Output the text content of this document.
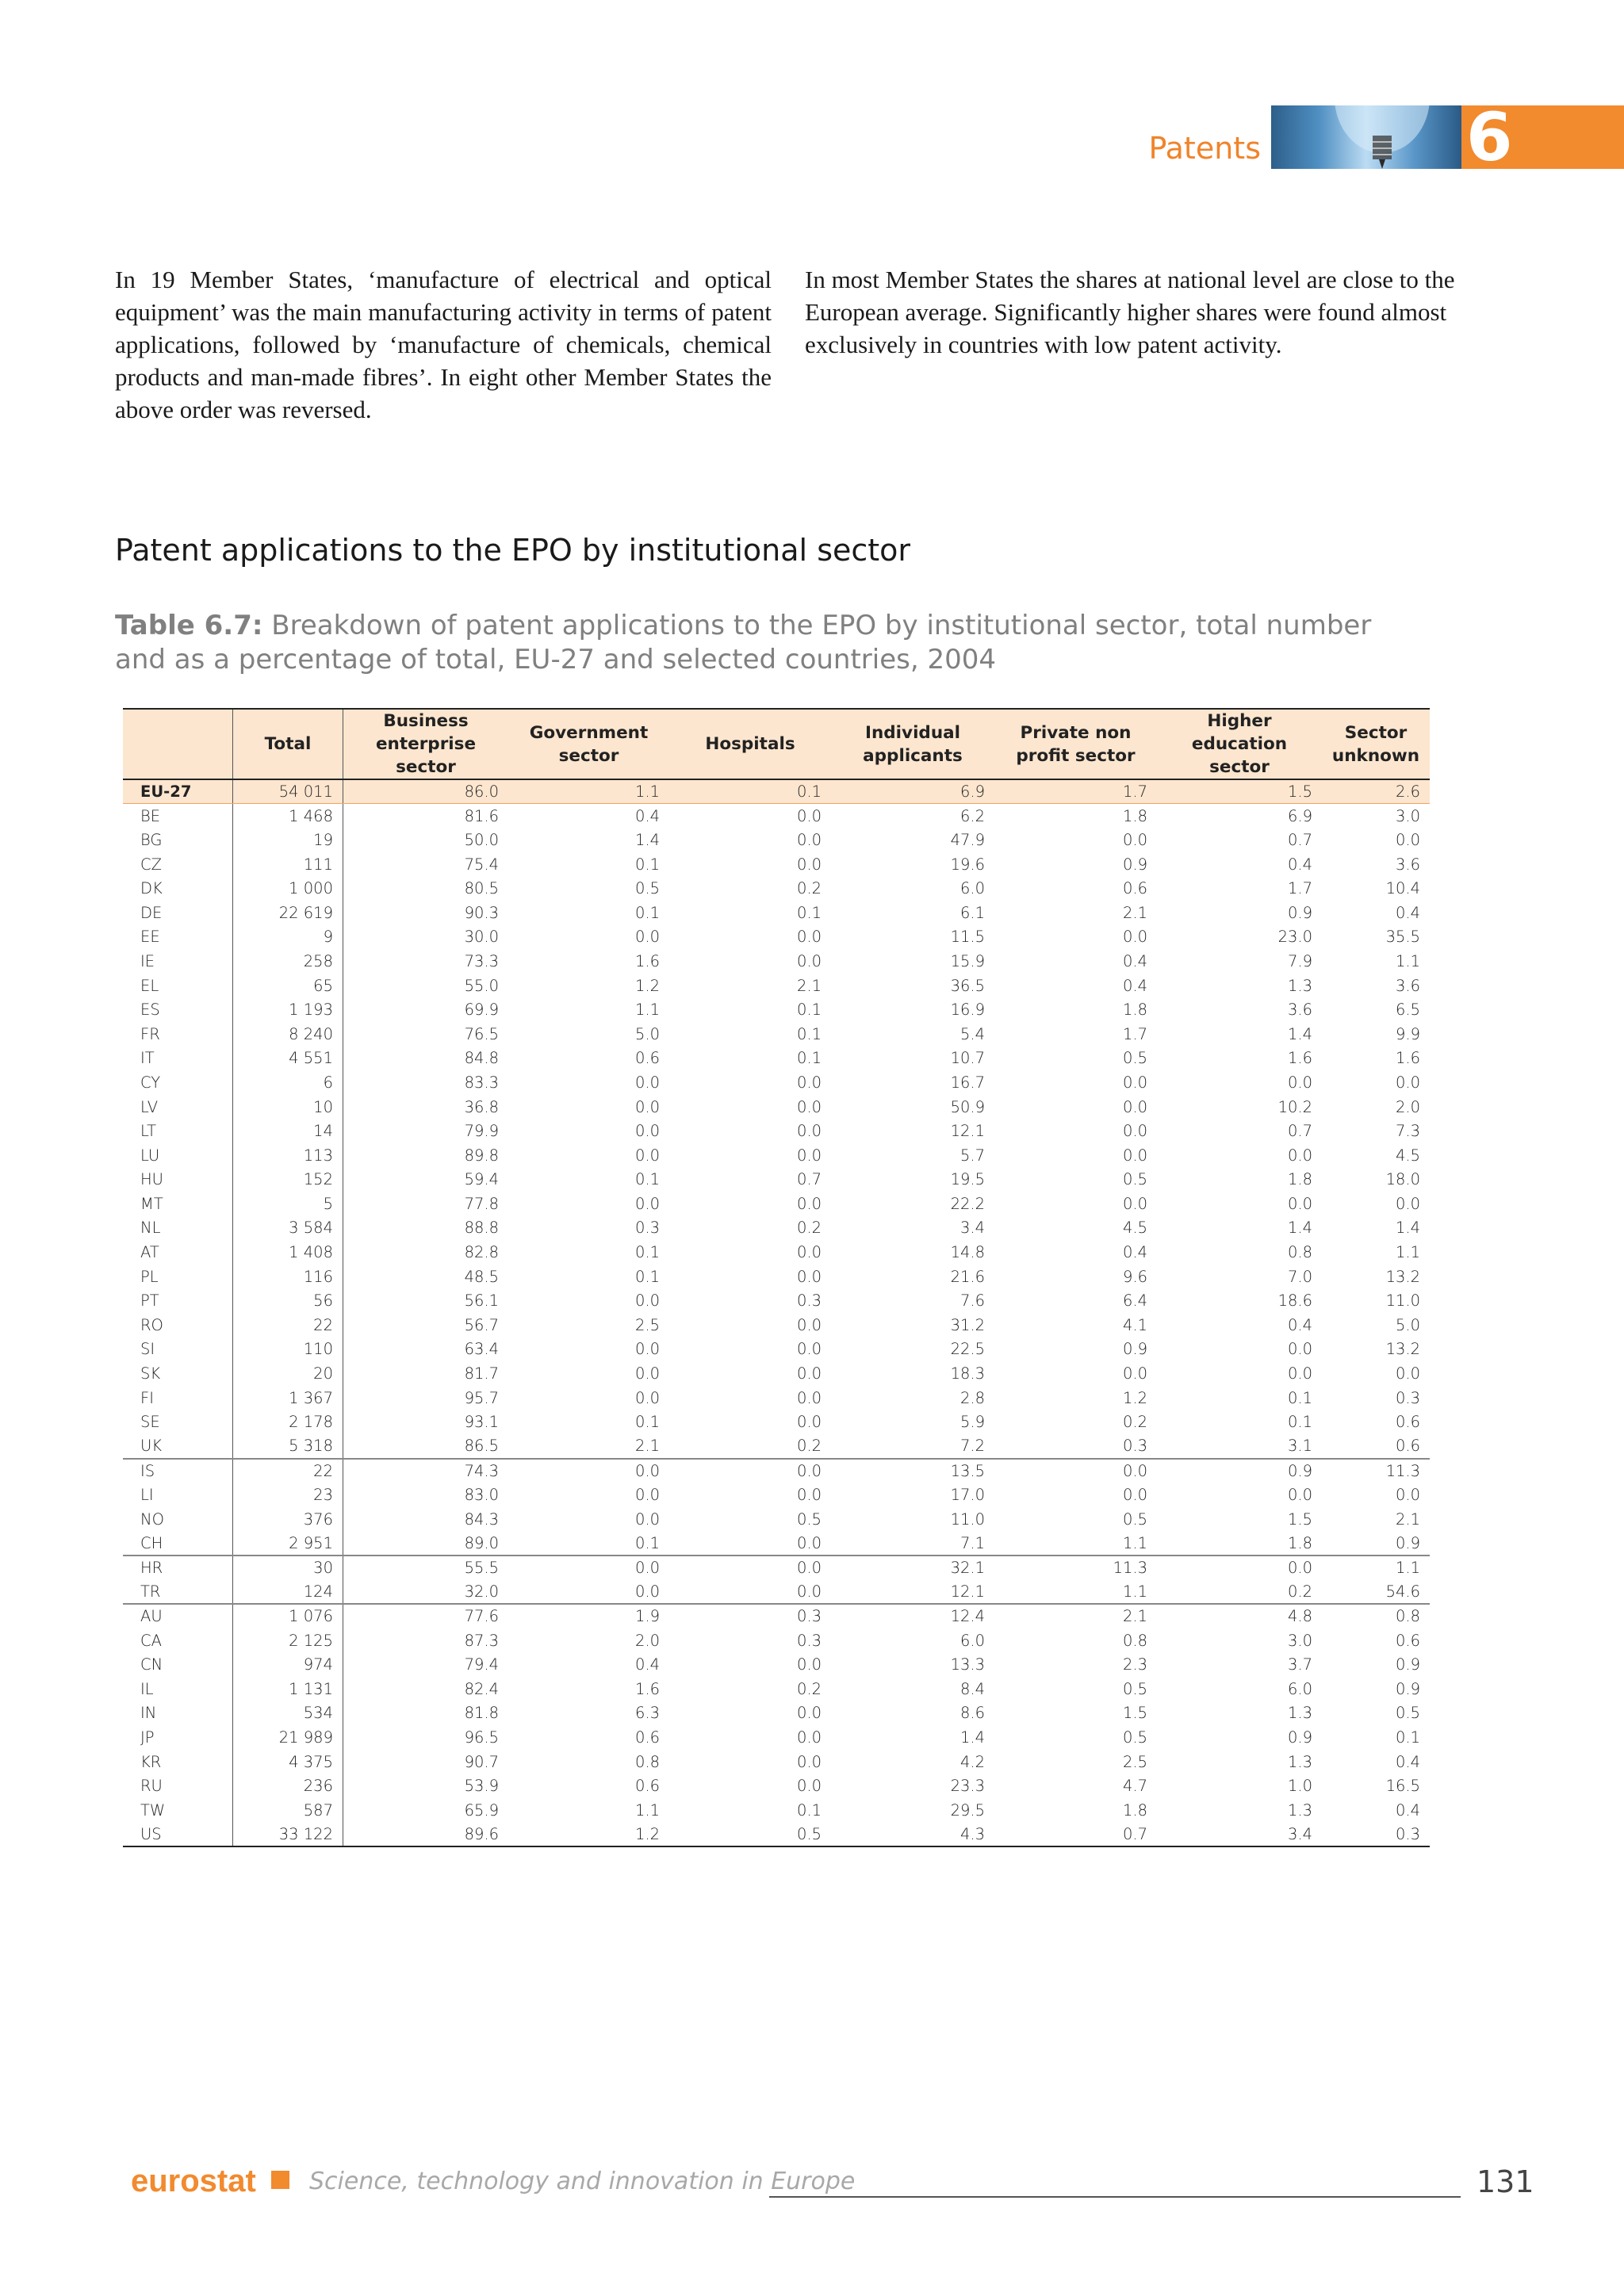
Patents	6

In 19 Member States, ‘manufacture of electrical and optical equipment’ was the main manufacturing activity in terms of patent applications, followed by ‘manufacture of chemicals, chemical products and man-made fibres’. In eight other Member States the above order was reversed.

In most Member States the shares at national level are close to the European average. Significantly higher shares were found almost exclusively in countries with low patent activity.

Patent applications to the EPO by institutional sector
Table 6.7: Breakdown of patent applications to the EPO by institutional sector, total number and as a percentage of total, EU-27 and selected countries, 2004
	Total	Business enterprise sector	Government sector	Hospitals	Individual applicants	Private non profit sector	Higher education sector	Sector unknown
EU-27	54 011	86.0	1.1	0.1	6.9	1.7	1.5	2.6
BE	1 468	81.6	0.4	0.0	6.2	1.8	6.9	3.0
BG	19	50.0	1.4	0.0	47.9	0.0	0.7	0.0
CZ	111	75.4	0.1	0.0	19.6	0.9	0.4	3.6
DK	1 000	80.5	0.5	0.2	6.0	0.6	1.7	10.4
DE	22 619	90.3	0.1	0.1	6.1	2.1	0.9	0.4
EE	9	30.0	0.0	0.0	11.5	0.0	23.0	35.5
IE	258	73.3	1.6	0.0	15.9	0.4	7.9	1.1
EL	65	55.0	1.2	2.1	36.5	0.4	1.3	3.6
ES	1 193	69.9	1.1	0.1	16.9	1.8	3.6	6.5
FR	8 240	76.5	5.0	0.1	5.4	1.7	1.4	9.9
IT	4 551	84.8	0.6	0.1	10.7	0.5	1.6	1.6
CY	6	83.3	0.0	0.0	16.7	0.0	0.0	0.0
LV	10	36.8	0.0	0.0	50.9	0.0	10.2	2.0
LT	14	79.9	0.0	0.0	12.1	0.0	0.7	7.3
LU	113	89.8	0.0	0.0	5.7	0.0	0.0	4.5
HU	152	59.4	0.1	0.7	19.5	0.5	1.8	18.0
MT	5	77.8	0.0	0.0	22.2	0.0	0.0	0.0
NL	3 584	88.8	0.3	0.2	3.4	4.5	1.4	1.4
AT	1 408	82.8	0.1	0.0	14.8	0.4	0.8	1.1
PL	116	48.5	0.1	0.0	21.6	9.6	7.0	13.2
PT	56	56.1	0.0	0.3	7.6	6.4	18.6	11.0
RO	22	56.7	2.5	0.0	31.2	4.1	0.4	5.0
SI	110	63.4	0.0	0.0	22.5	0.9	0.0	13.2
SK	20	81.7	0.0	0.0	18.3	0.0	0.0	0.0
FI	1 367	95.7	0.0	0.0	2.8	1.2	0.1	0.3
SE	2 178	93.1	0.1	0.0	5.9	0.2	0.1	0.6
UK	5 318	86.5	2.1	0.2	7.2	0.3	3.1	0.6
IS	22	74.3	0.0	0.0	13.5	0.0	0.9	11.3
LI	23	83.0	0.0	0.0	17.0	0.0	0.0	0.0
NO	376	84.3	0.0	0.5	11.0	0.5	1.5	2.1
CH	2 951	89.0	0.1	0.0	7.1	1.1	1.8	0.9
HR	30	55.5	0.0	0.0	32.1	11.3	0.0	1.1
TR	124	32.0	0.0	0.0	12.1	1.1	0.2	54.6
AU	1 076	77.6	1.9	0.3	12.4	2.1	4.8	0.8
CA	2 125	87.3	2.0	0.3	6.0	0.8	3.0	0.6
CN	974	79.4	0.4	0.0	13.3	2.3	3.7	0.9
IL	1 131	82.4	1.6	0.2	8.4	0.5	6.0	0.9
IN	534	81.8	6.3	0.0	8.6	1.5	1.3	0.5
JP	21 989	96.5	0.6	0.0	1.4	0.5	0.9	0.1
KR	4 375	90.7	0.8	0.0	4.2	2.5	1.3	0.4
RU	236	53.9	0.6	0.0	23.3	4.7	1.0	16.5
TW	587	65.9	1.1	0.1	29.5	1.8	1.3	0.4
US	33 122	89.6	1.2	0.5	4.3	0.7	3.4	0.3
eurostat Science, technology and innovation in Europe	131
